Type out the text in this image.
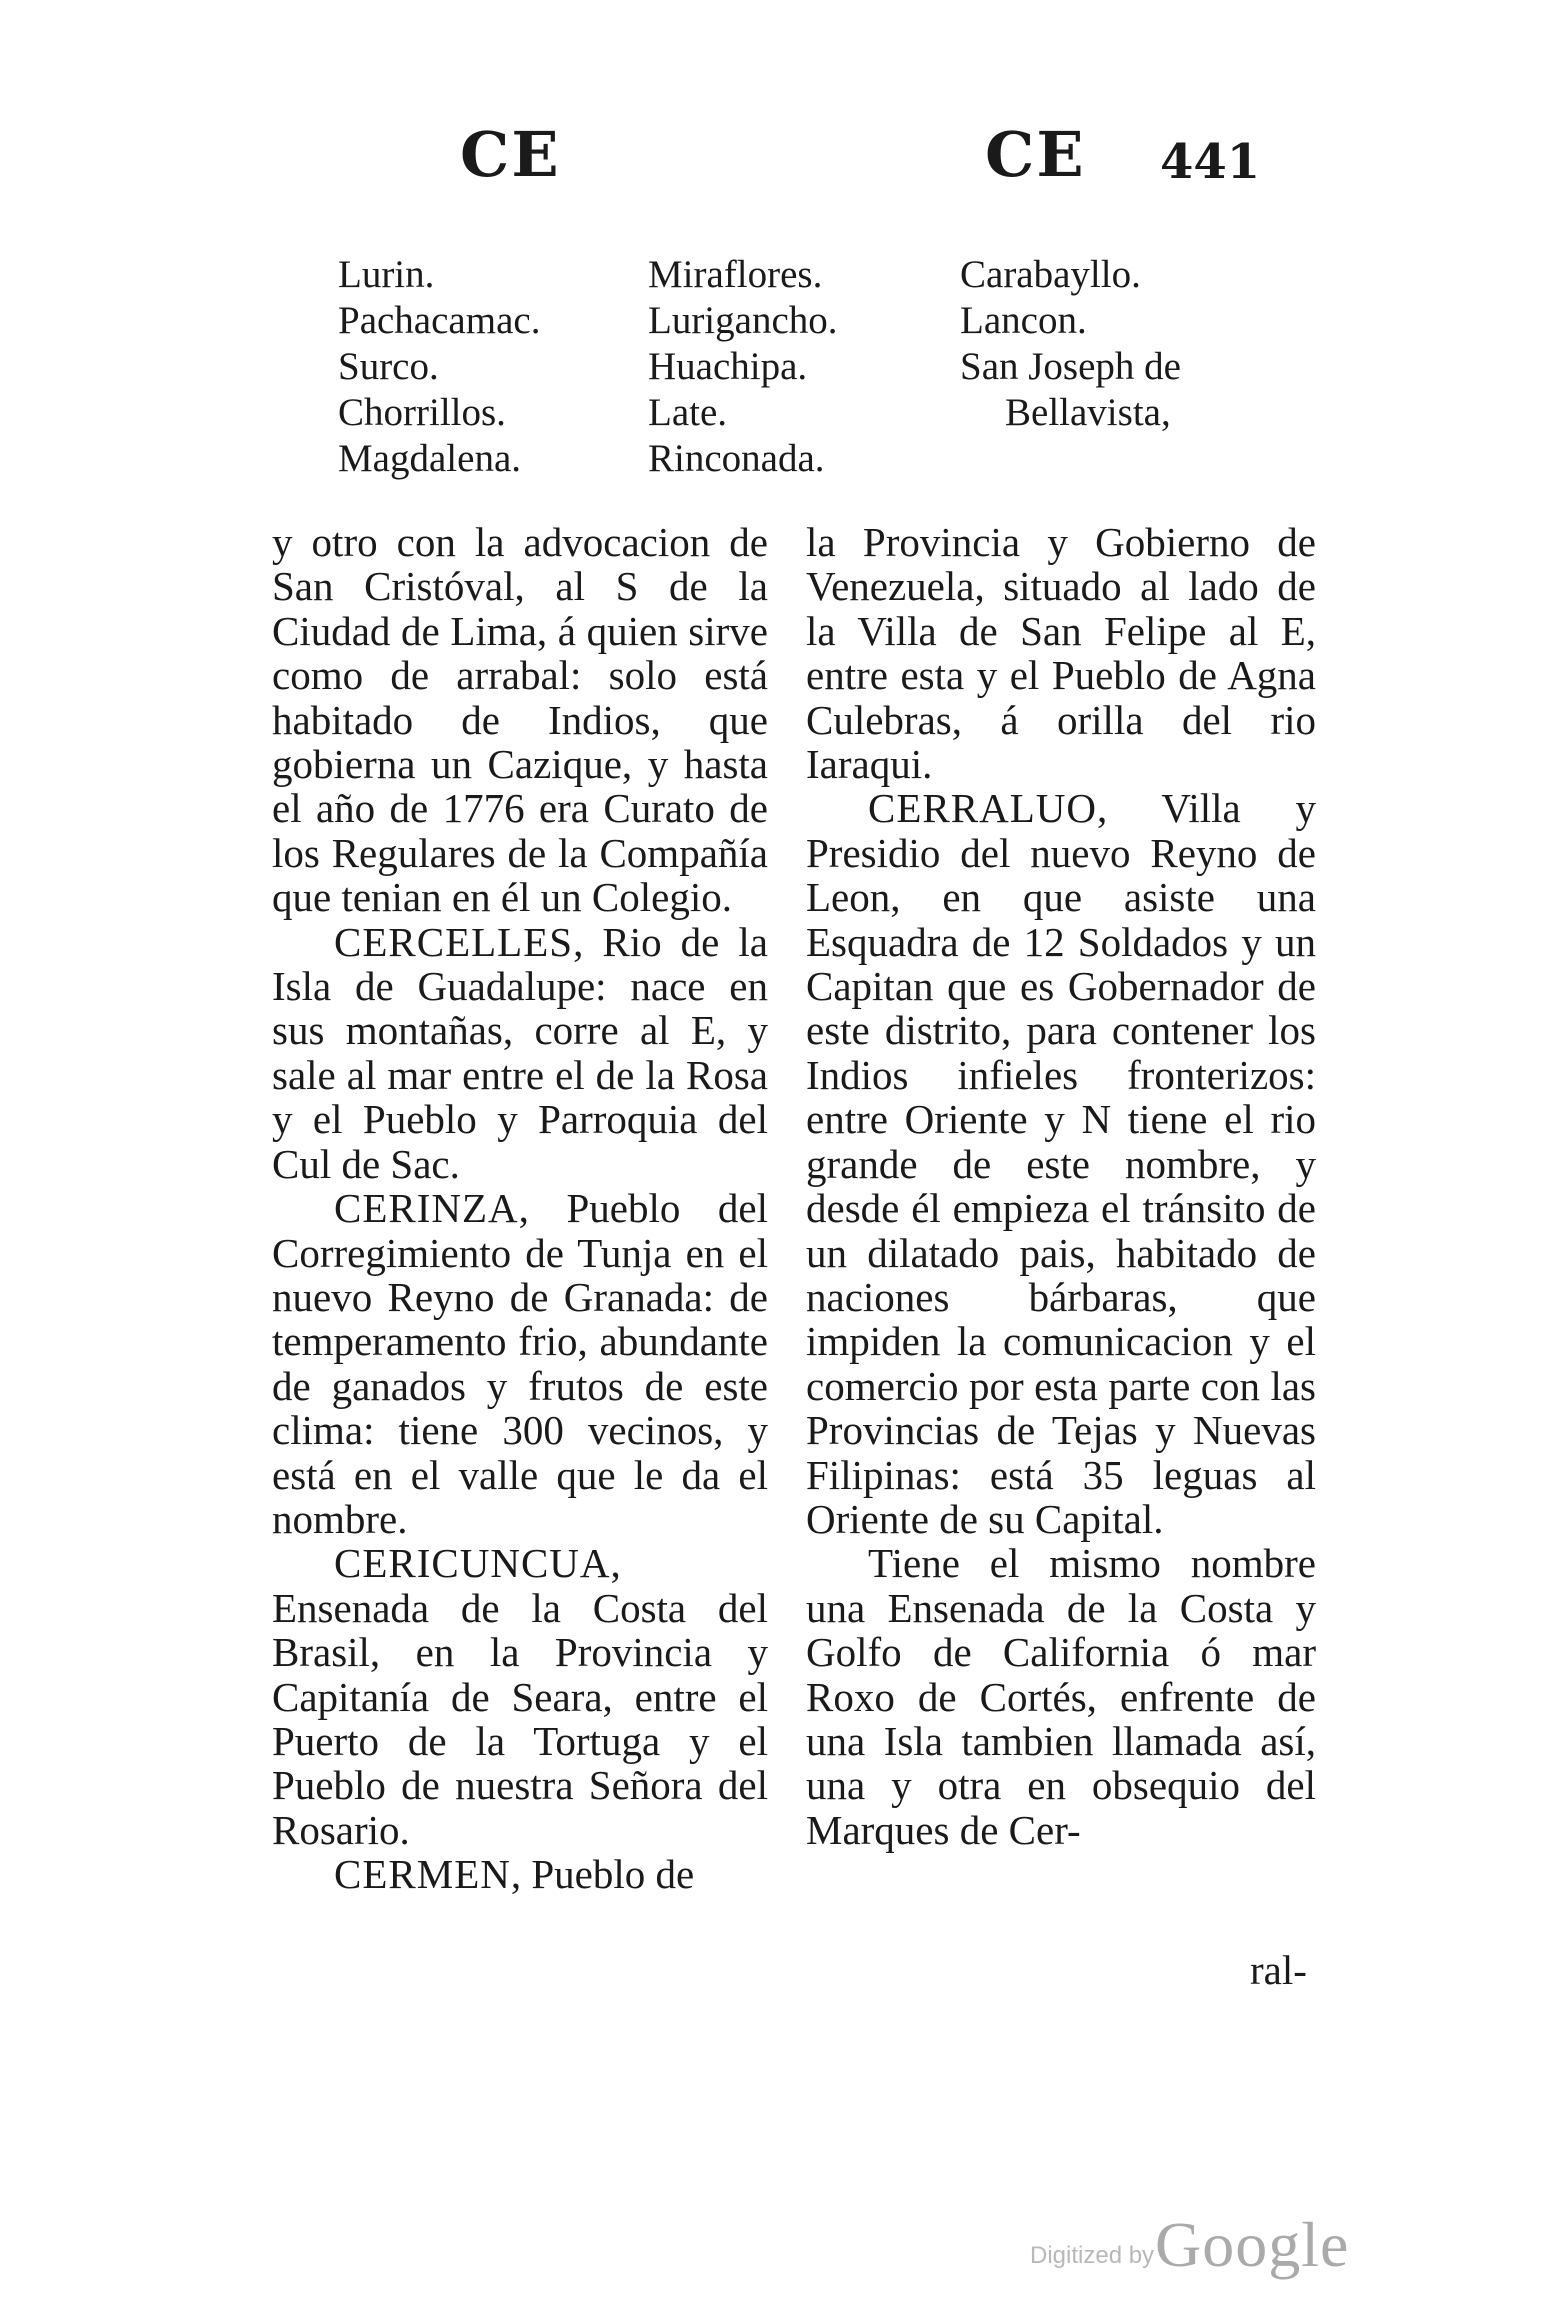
CE	CE 441
Lurin.
Pachacamac.
Surco.
Chorrillos.
Magdalena.
Miraflores.
Lurigancho.
Huachipa.
Late.
Rinconada.
Carabayllo.
Lancon.
San Joseph de
Bellavista,

y otro con la advocacion de San Cristóval, al S de la Ciudad de Lima, á quien sirve como de arrabal: solo está habitado de Indios, que gobierna un Cazique, y hasta el año de 1776 era Curato de los Regulares de la Compañía que tenian en él un Colegio.

CERCELLES, Rio de la Isla de Guadalupe: nace en sus montañas, corre al E, y sale al mar entre el de la Rosa y el Pueblo y Parroquia del Cul de Sac.

CERINZA, Pueblo del Corregimiento de Tunja en el nuevo Reyno de Granada: de temperamento frio, abundante de ganados y frutos de este clima: tiene 300 vecinos, y está en el valle que le da el nombre.

CERICUNCUA, Ensenada de la Costa del Brasil, en la Provincia y Capitanía de Seara, entre el Puerto de la Tortuga y el Pueblo de nuestra Señora del Rosario.

CERMEN, Pueblo de

la Provincia y Gobierno de Venezuela, situado al lado de la Villa de San Felipe al E, entre esta y el Pueblo de Agna Culebras, á orilla del rio Iaraqui.

CERRALUO, Villa y Presidio del nuevo Reyno de Leon, en que asiste una Esquadra de 12 Soldados y un Capitan que es Gobernador de este distrito, para contener los Indios infieles fronterizos: entre Oriente y N tiene el rio grande de este nombre, y desde él empieza el tránsito de un dilatado pais, habitado de naciones bárbaras, que impiden la comunicacion y el comercio por esta parte con las Provincias de Tejas y Nuevas Filipinas: está 35 leguas al Oriente de su Capital.

Tiene el mismo nombre una Ensenada de la Costa y Golfo de California ó mar Roxo de Cortés, enfrente de una Isla tambien llamada así, una y otra en obsequio del Marques de Cer-

ral-
Digitized by Google
